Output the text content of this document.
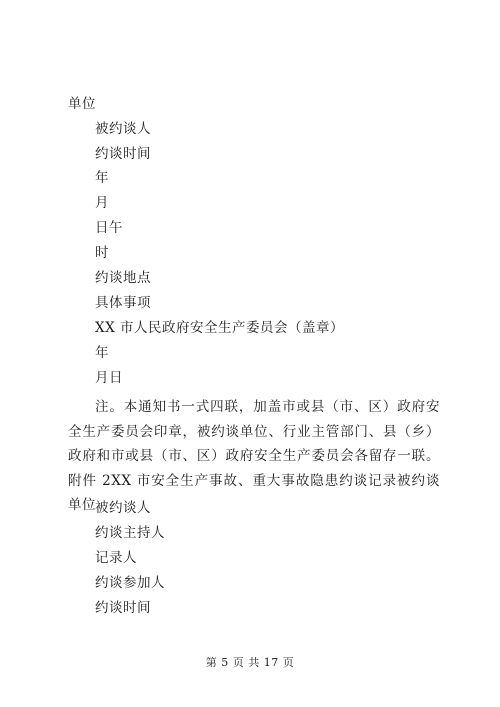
单位
被约谈人
约谈时间
年
月
日午
时
约谈地点
具体事项
XX 市人民政府安全生产委员会（盖章）
年
月日
注。本通知书一式四联，加盖市或县（市、区）政府安全生产委员会印章，被约谈单位、行业主管部门、县（乡）政府和市或县（市、区）政府安全生产委员会各留存一联。附件 2XX 市安全生产事故、重大事故隐患约谈记录被约谈单位 被约谈人
约谈主持人
记录人
约谈参加人
约谈时间
第 5 页 共 17 页
